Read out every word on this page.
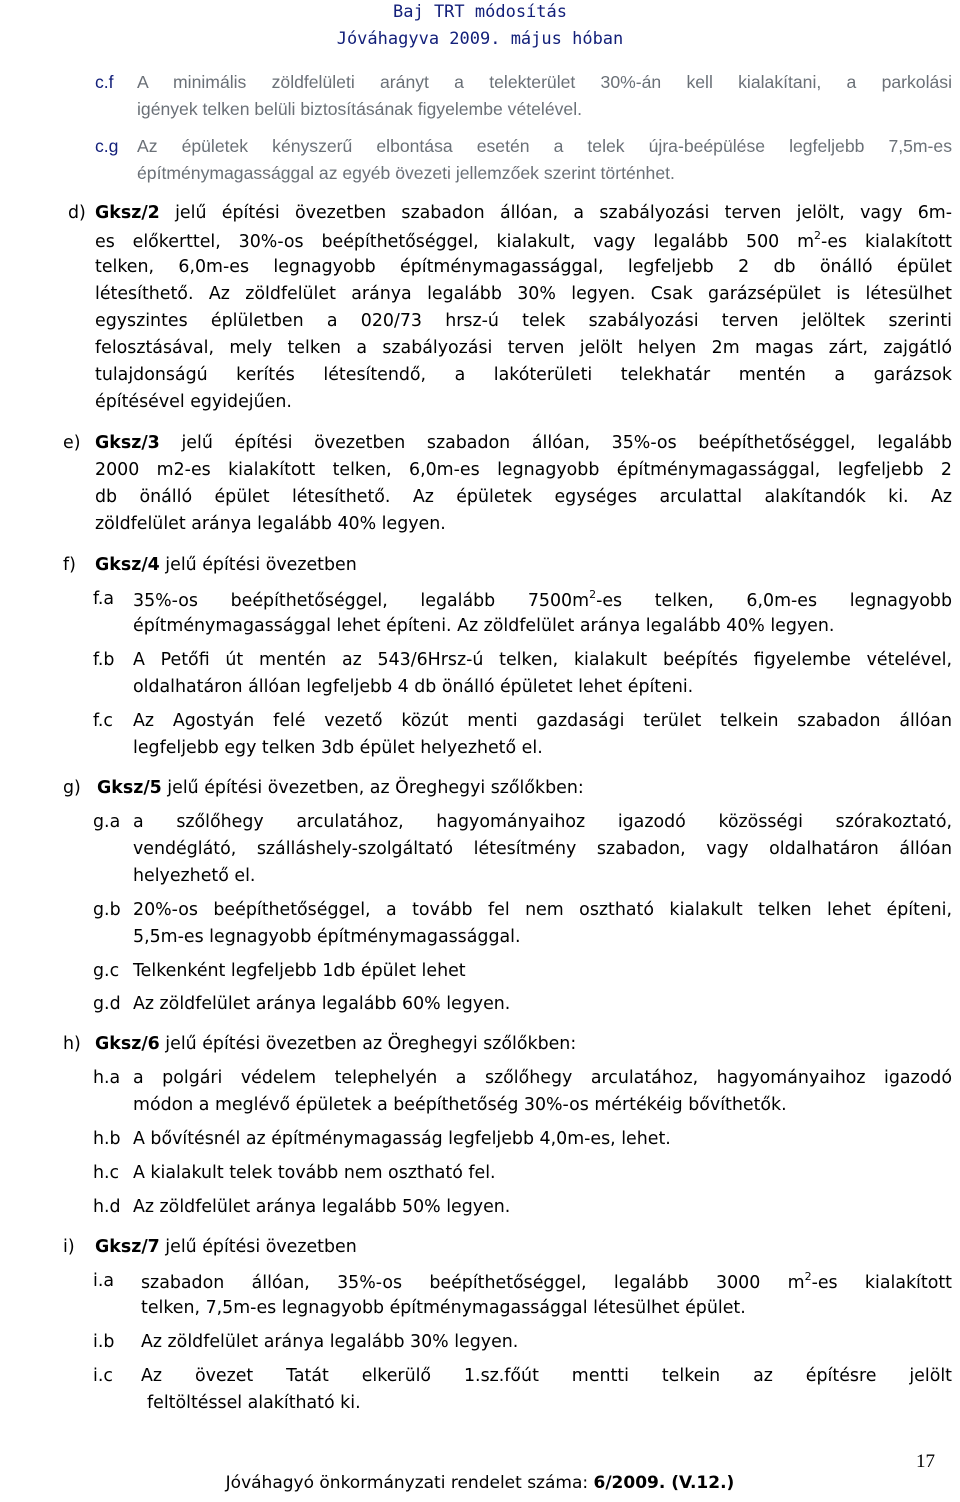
Baj TRT módosítás
Jóváhagyva 2009. május hóban
c.f A minimális zöldfelületi arányt a telekterület 30%-án kell kialakítani, a parkolási
igények telken belüli biztosításának figyelembe vételével.
c.g Az épületek kényszerű elbontása esetén a telek újra-beépülése legfeljebb 7,5m-es
építménymagassággal az egyéb övezeti jellemzőek szerint történhet.
d) Gksz/2 jelű építési övezetben szabadon állóan, a szabályozási terven jelölt, vagy 6m-
es előkerttel, 30%-os beépíthetőséggel, kialakult, vagy legalább 500 $m^2-es$ kialakított
telken, 6,0m-es legnagyobb építménymagassággal, legfeljebb 2 db önálló épület
létesíthető. Az zöldfelület aránya legalább 30% legyen. Csak garázsépület is létesülhet
egyszintes éplületben a 020/73 hrsz-ú telek szabályozási terven jelöltek szerinti
felosztásával, mely telken a szabályozási terven jelölt helyen 2m magas zárt, zajgátló
tulajdonságú kerítés létesítendő, a lakóterületi telekhatár mentén a garázsok
építésével egyidejűen.
e) Gksz/3 jelű építési övezetben szabadon állóan, 35%-os beépíthetőséggel, legalább
2000 m2-es kialakított telken, 6,0m-es legnagyobb építménymagassággal, legfeljebb 2
db önálló épület létesíthető. Az épületek egységes arculattal alakítandók ki. Az
zöldfelület aránya legalább 40% legyen.
f) Gksz/4 jelű építési övezetben
f.a 35%-os beépíthetőséggel, legalább $7500m^2-es$ telken, 6,0m-es legnagyobb
építménymagassággal lehet építeni. Az zöldfelület aránya legalább 40% legyen.
f.b A Petőfi út mentén az 543/6Hrsz-ú telken, kialakult beépítés figyelembe vételével,
oldalhatáron állóan legfeljebb 4 db önálló épületet lehet építeni.
f.c Az Agostyán felé vezető közút menti gazdasági terület telkein szabadon állóan
legfeljebb egy telken 3db épület helyezhető el.
g) Gksz/5 jelű építési övezetben, az Öreghegyi szőlőkben:
g.a a szőlőhegy arculatához, hagyományaihoz igazodó közösségi szórakoztató,
vendéglátó, szálláshely-szolgáltató létesítmény szabadon, vagy oldalhatáron állóan
helyezhető el.
g.b 20%-os beépíthetőséggel, a tovább fel nem osztható kialakult telken lehet építeni,
5,5m-es legnagyobb építménymagassággal.
g.c Telkenként legfeljebb 1db épület lehet
g.d Az zöldfelület aránya legalább 60% legyen.
h) Gksz/6 jelű építési övezetben az Öreghegyi szőlőkben:
h.a a polgári védelem telephelyén a szőlőhegy arculatához, hagyományaihoz igazodó
módon a meglévő épületek a beépíthetőség 30%-os mértékéig bővíthetők.
h.b A bővítésnél az építménymagasság legfeljebb 4,0m-es, lehet.
h.c A kialakult telek tovább nem osztható fel.
h.d Az zöldfelület aránya legalább 50% legyen.
i) Gksz/7 jelű építési övezetben
i.a szabadon állóan, 35%-os beépíthetőséggel, legalább 3000 $m^2-es$ kialakított
telken, 7,5m-es legnagyobb építménymagassággal létesülhet épület.
i.b Az zöldfelület aránya legalább 30% legyen.
i.c Az övezet Tatát elkerülő 1.sz.főút mentti telkein az építésre jelölt
feltöltéssel alakítható ki.
17
Jóváhagyó önkormányzati rendelet száma: 6/2009. (V.12.)
